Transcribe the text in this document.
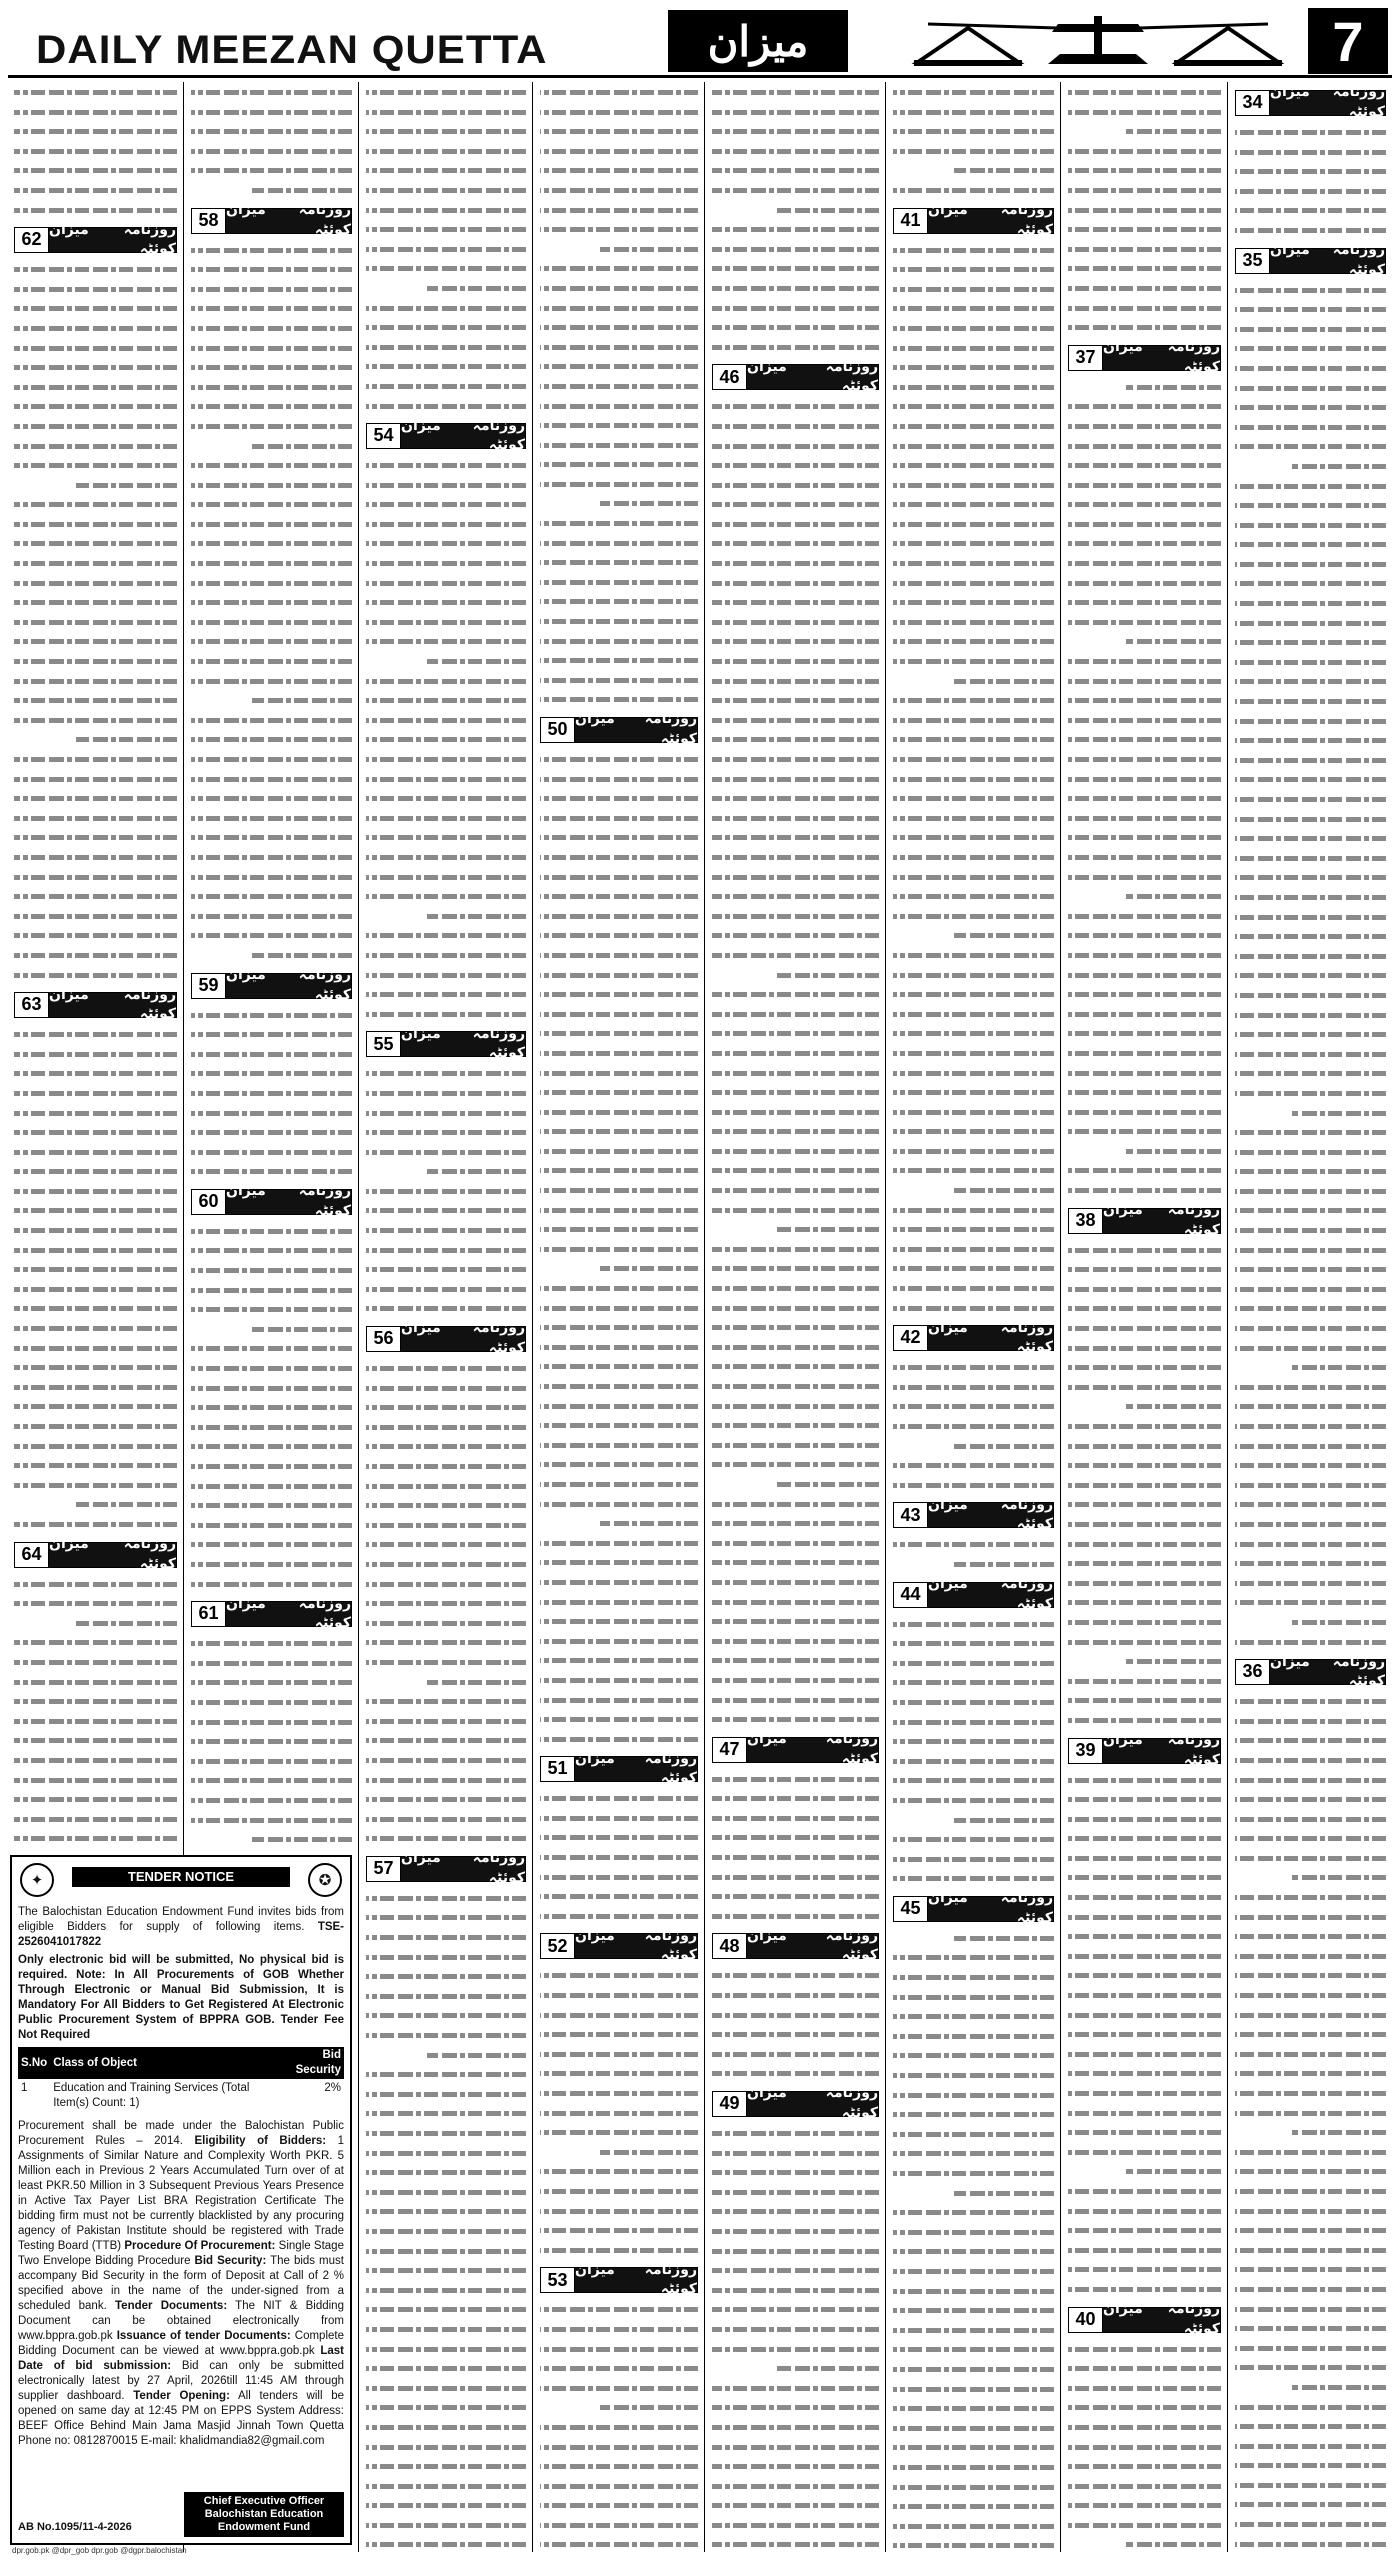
DAILY MEEZAN QUETTA	میزان	7
روزنامہ میزان کوئٹہ
34
روزنامہ میزان کوئٹہ
35
روزنامہ میزان کوئٹہ
36
روزنامہ میزان کوئٹہ
37
روزنامہ میزان کوئٹہ
38
روزنامہ میزان کوئٹہ
39
روزنامہ میزان کوئٹہ
40
روزنامہ میزان کوئٹہ
41
روزنامہ میزان کوئٹہ
42
روزنامہ میزان کوئٹہ
43
روزنامہ میزان کوئٹہ
44
روزنامہ میزان کوئٹہ
45
روزنامہ میزان کوئٹہ
46
روزنامہ میزان کوئٹہ
47
روزنامہ میزان کوئٹہ
48
روزنامہ میزان کوئٹہ
49
روزنامہ میزان کوئٹہ
50
روزنامہ میزان کوئٹہ
51
روزنامہ میزان کوئٹہ
52
روزنامہ میزان کوئٹہ
53
روزنامہ میزان کوئٹہ
54
روزنامہ میزان کوئٹہ
55
روزنامہ میزان کوئٹہ
56
روزنامہ میزان کوئٹہ
57
روزنامہ میزان کوئٹہ
58
روزنامہ میزان کوئٹہ
59
روزنامہ میزان کوئٹہ
60
روزنامہ میزان کوئٹہ
61
روزنامہ میزان کوئٹہ
62
روزنامہ میزان کوئٹہ
63
روزنامہ میزان کوئٹہ
64
✦	TENDER NOTICE	✪

The Balochistan Education Endowment Fund invites bids from eligible Bidders for supply of following items. TSE-2526041017822

Only electronic bid will be submitted, No physical bid is required. Note: In All Procurements of GOB Whether Through Electronic or Manual Bid Submission, It is Mandatory For All Bidders to Get Registered At Electronic Public Procurement System of BPPRA GOB. Tender Fee Not Required

S.No	Class of Object	Bid Security
1	Education and Training Services (Total Item(s) Count: 1)	2%

Procurement shall be made under the Balochistan Public Procurement Rules – 2014. Eligibility of Bidders: 1 Assignments of Similar Nature and Complexity Worth PKR. 5 Million each in Previous 2 Years Accumulated Turn over of at least PKR.50 Million in 3 Subsequent Previous Years Presence in Active Tax Payer List BRA Registration Certificate The bidding firm must not be currently blacklisted by any procuring agency of Pakistan Institute should be registered with Trade Testing Board (TTB) Procedure Of Procurement: Single Stage Two Envelope Bidding Procedure Bid Security: The bids must accompany Bid Security in the form of Deposit at Call of 2 % specified above in the name of the under-signed from a scheduled bank. Tender Documents: The NIT & Bidding Document can be obtained electronically from www.bppra.gob.pk Issuance of tender Documents: Complete Bidding Document can be viewed at www.bppra.gob.pk Last Date of bid submission: Bid can only be submitted electronically latest by 27 April, 2026till 11:45 AM through supplier dashboard. Tender Opening: All tenders will be opened on same day at 12:45 PM on EPPS System Address: BEEF Office Behind Main Jama Masjid Jinnah Town Quetta Phone no: 0812870015 E-mail: khalidmandia82@gmail.com

AB No.1095/11-4-2026
Chief Executive Officer Balochistan Education Endowment Fund
dpr.gob.pk @dpr_gob dpr.gob @dgpr.balochistan
